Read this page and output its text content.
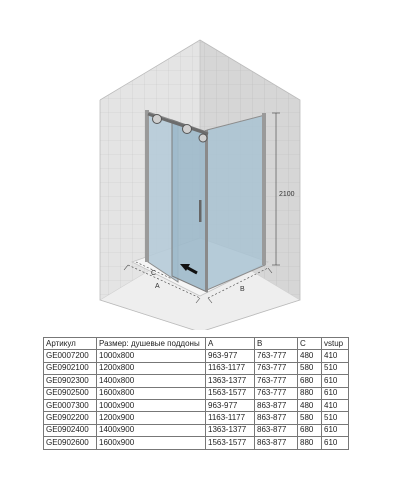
A
C
B
2100
Артикул	Размер: душевые поддоны	A	B	C	vstup
GE0007200	1000x800	963-977	763-777	480	410
GE0902100	1200x800	1163-1177	763-777	580	510
GE0902300	1400x800	1363-1377	763-777	680	610
GE0902500	1600x800	1563-1577	763-777	880	610
GE0007300	1000x900	963-977	863-877	480	410
GE0902200	1200x900	1163-1177	863-877	580	510
GE0902400	1400x900	1363-1377	863-877	680	610
GE0902600	1600x900	1563-1577	863-877	880	610
